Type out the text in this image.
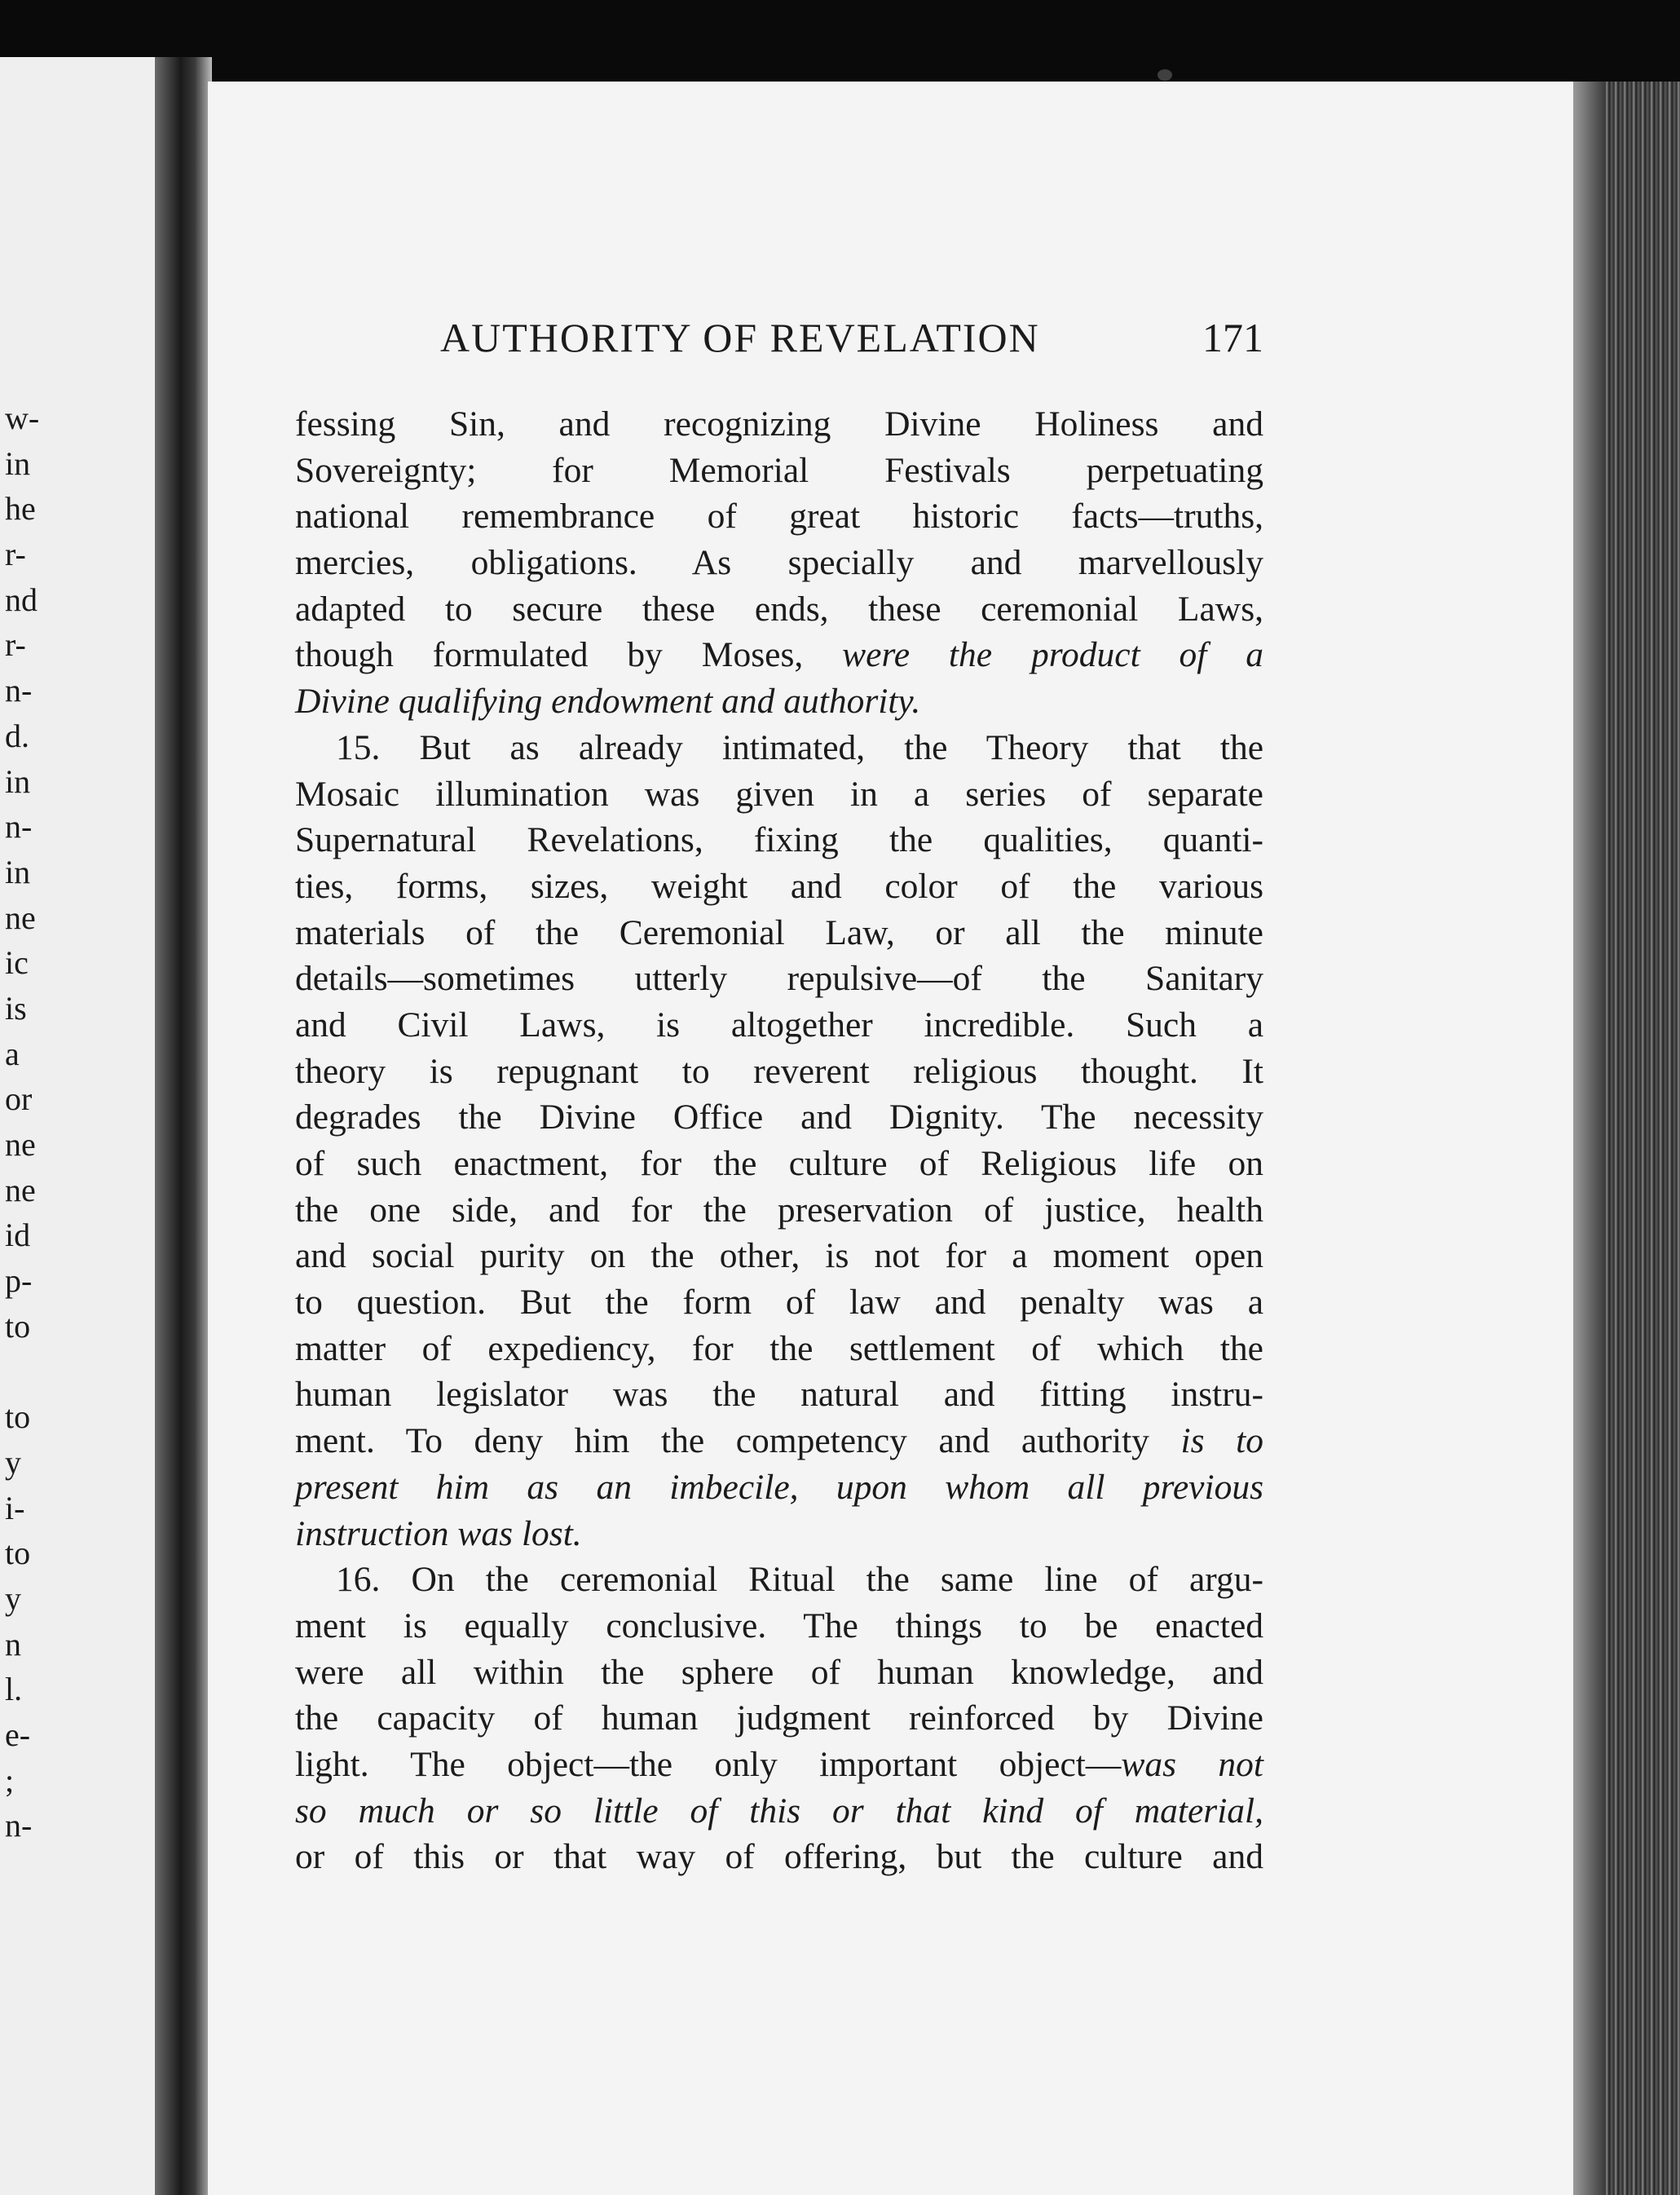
w-
in
he
r-
nd
r-
n-
d.
in
n-
in
ne
ic
is
a
or
ne
ne
id
p-
to

to
y
i-
to
y
n
l.
e-
;
n-
AUTHORITY OF REVELATION	171
fessing Sin, and recognizing Divine Holiness and
Sovereignty; for Memorial Festivals perpetuating
national remembrance of great historic facts—truths,
mercies, obligations. As specially and marvellously
adapted to secure these ends, these ceremonial Laws,
though formulated by Moses, were the product of a
Divine qualifying endowment and authority.
15. But as already intimated, the Theory that the
Mosaic illumination was given in a series of separate
Supernatural Revelations, fixing the qualities, quanti-
ties, forms, sizes, weight and color of the various
materials of the Ceremonial Law, or all the minute
details—sometimes utterly repulsive—of the Sanitary
and Civil Laws, is altogether incredible. Such a
theory is repugnant to reverent religious thought. It
degrades the Divine Office and Dignity. The necessity
of such enactment, for the culture of Religious life on
the one side, and for the preservation of justice, health
and social purity on the other, is not for a moment open
to question. But the form of law and penalty was a
matter of expediency, for the settlement of which the
human legislator was the natural and fitting instru-
ment. To deny him the competency and authority is to
present him as an imbecile, upon whom all previous
instruction was lost.
16. On the ceremonial Ritual the same line of argu-
ment is equally conclusive. The things to be enacted
were all within the sphere of human knowledge, and
the capacity of human judgment reinforced by Divine
light. The object—the only important object—was not
so much or so little of this or that kind of material,
or of this or that way of offering, but the culture and
